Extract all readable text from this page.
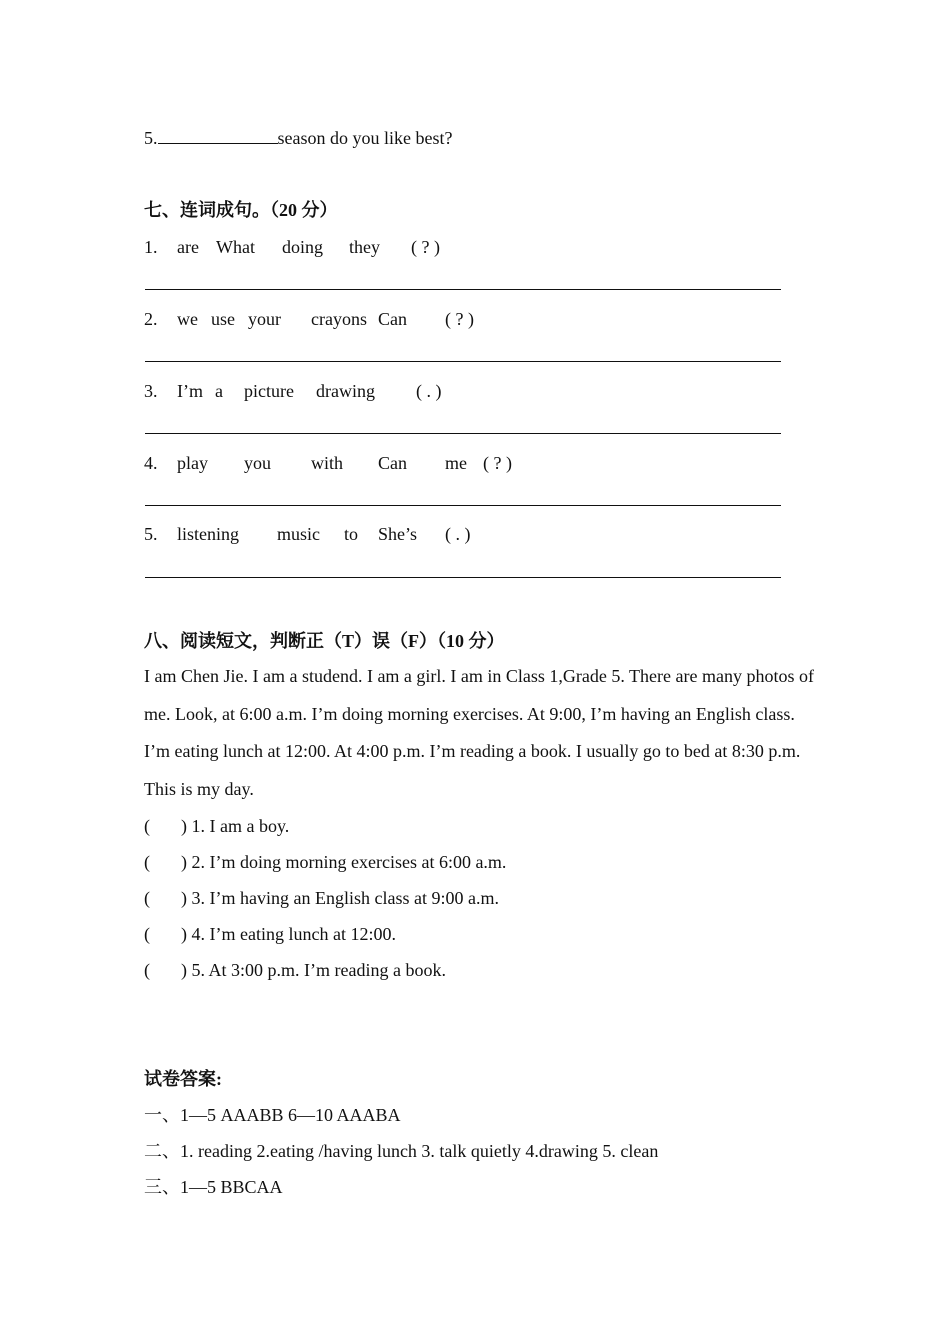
5.	season do you like best?
七、连词成句。（20 分）
1. are What doing they ( ? )
2. we use your crayons Can ( ? )
3. I’m a picture drawing ( . )
4. play you with Can me ( ? )
5. listening music to She’s ( . )
八、阅读短文，判断正（T）误（F）（10 分）
I am Chen Jie. I am a studend. I am a girl. I am in Class 1,Grade 5. There are many photos of me. Look, at 6:00 a.m. I’m doing morning exercises. At 9:00, I’m having an English class. I’m eating lunch at 12:00. At 4:00 p.m. I’m reading a book. I usually go to bed at 8:30 p.m. This is my day.
( ) 1. I am a boy.
( ) 2. I’m doing morning exercises at 6:00 a.m.
( ) 3. I’m having an English class at 9:00 a.m.
( ) 4. I’m eating lunch at 12:00.
( ) 5. At 3:00 p.m. I’m reading a book.
试卷答案:
一、1—5 AAABB 6—10 AAABA
二、1. reading 2.eating /having lunch 3. talk quietly 4.drawing 5. clean
三、1—5 BBCAA
